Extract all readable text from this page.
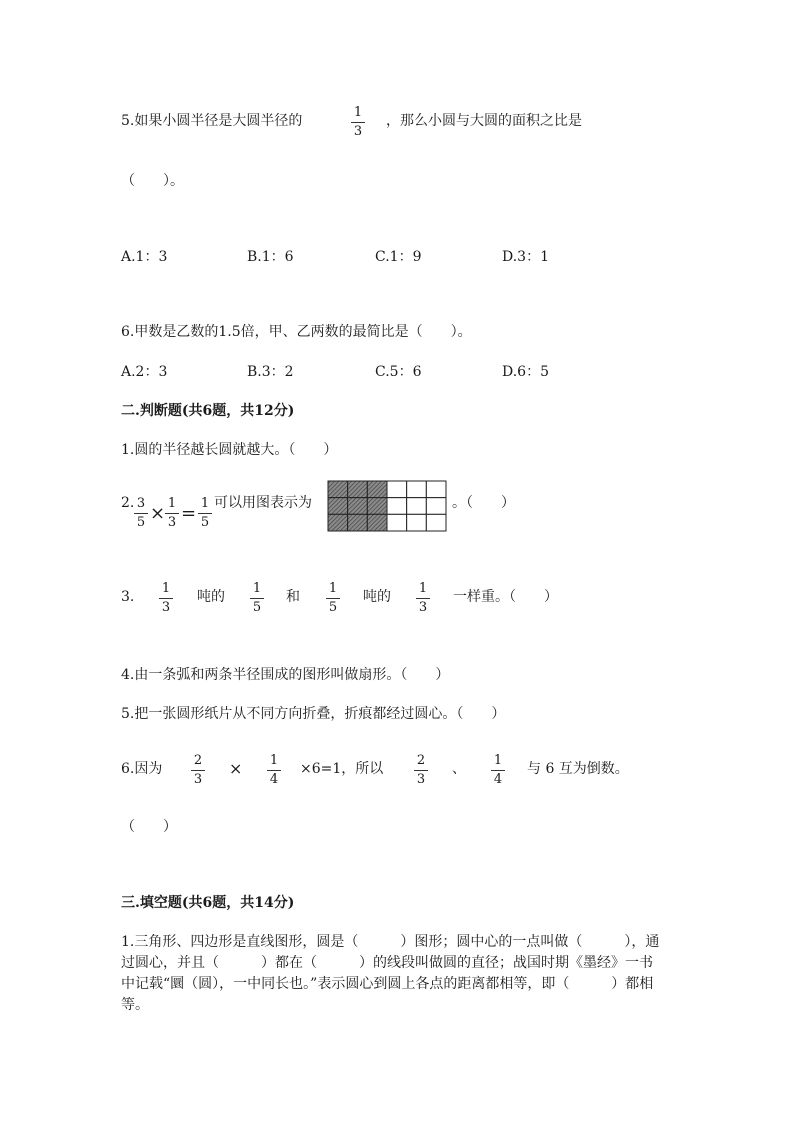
5.如果小圆半径是大圆半径的
1
3
，那么小圆与大圆的面积之比是
（　　）。
A.1：3	B.1：6	C.1：9	D.3：1
6.甲数是乙数的1.5倍，甲、乙两数的最简比是（　　）。
A.2：3	B.3：2	C.5：6	D.6：5
二.判断题(共6题，共12分)
1.圆的半径越长圆就越大。（　　）
2. 3
5 × 1
3 = 1
5
可以用图表示为	。（　　）
3.
1
3
吨的
1
5
和
1
5
吨的
1
3
一样重。（　　）
4.由一条弧和两条半径围成的图形叫做扇形。（　　）
5.把一张圆形纸片从不同方向折叠，折痕都经过圆心。（　　）
6.因为
2
3
× 1
4
×6=1，所以
2
3
、
1
4
与 6 互为倒数。
（　　）
三.填空题(共6题，共14分)
1.三角形、四边形是直线图形，圆是（　　　）图形；圆中心的一点叫做（　　　），通过圆心，并且（　　　）都在（　　　）的线段叫做圆的直径；战国时期《墨经》一书中记载“圜（圆），一中同长也。”表示圆心到圆上各点的距离都相等，即（　　　）都相等。
